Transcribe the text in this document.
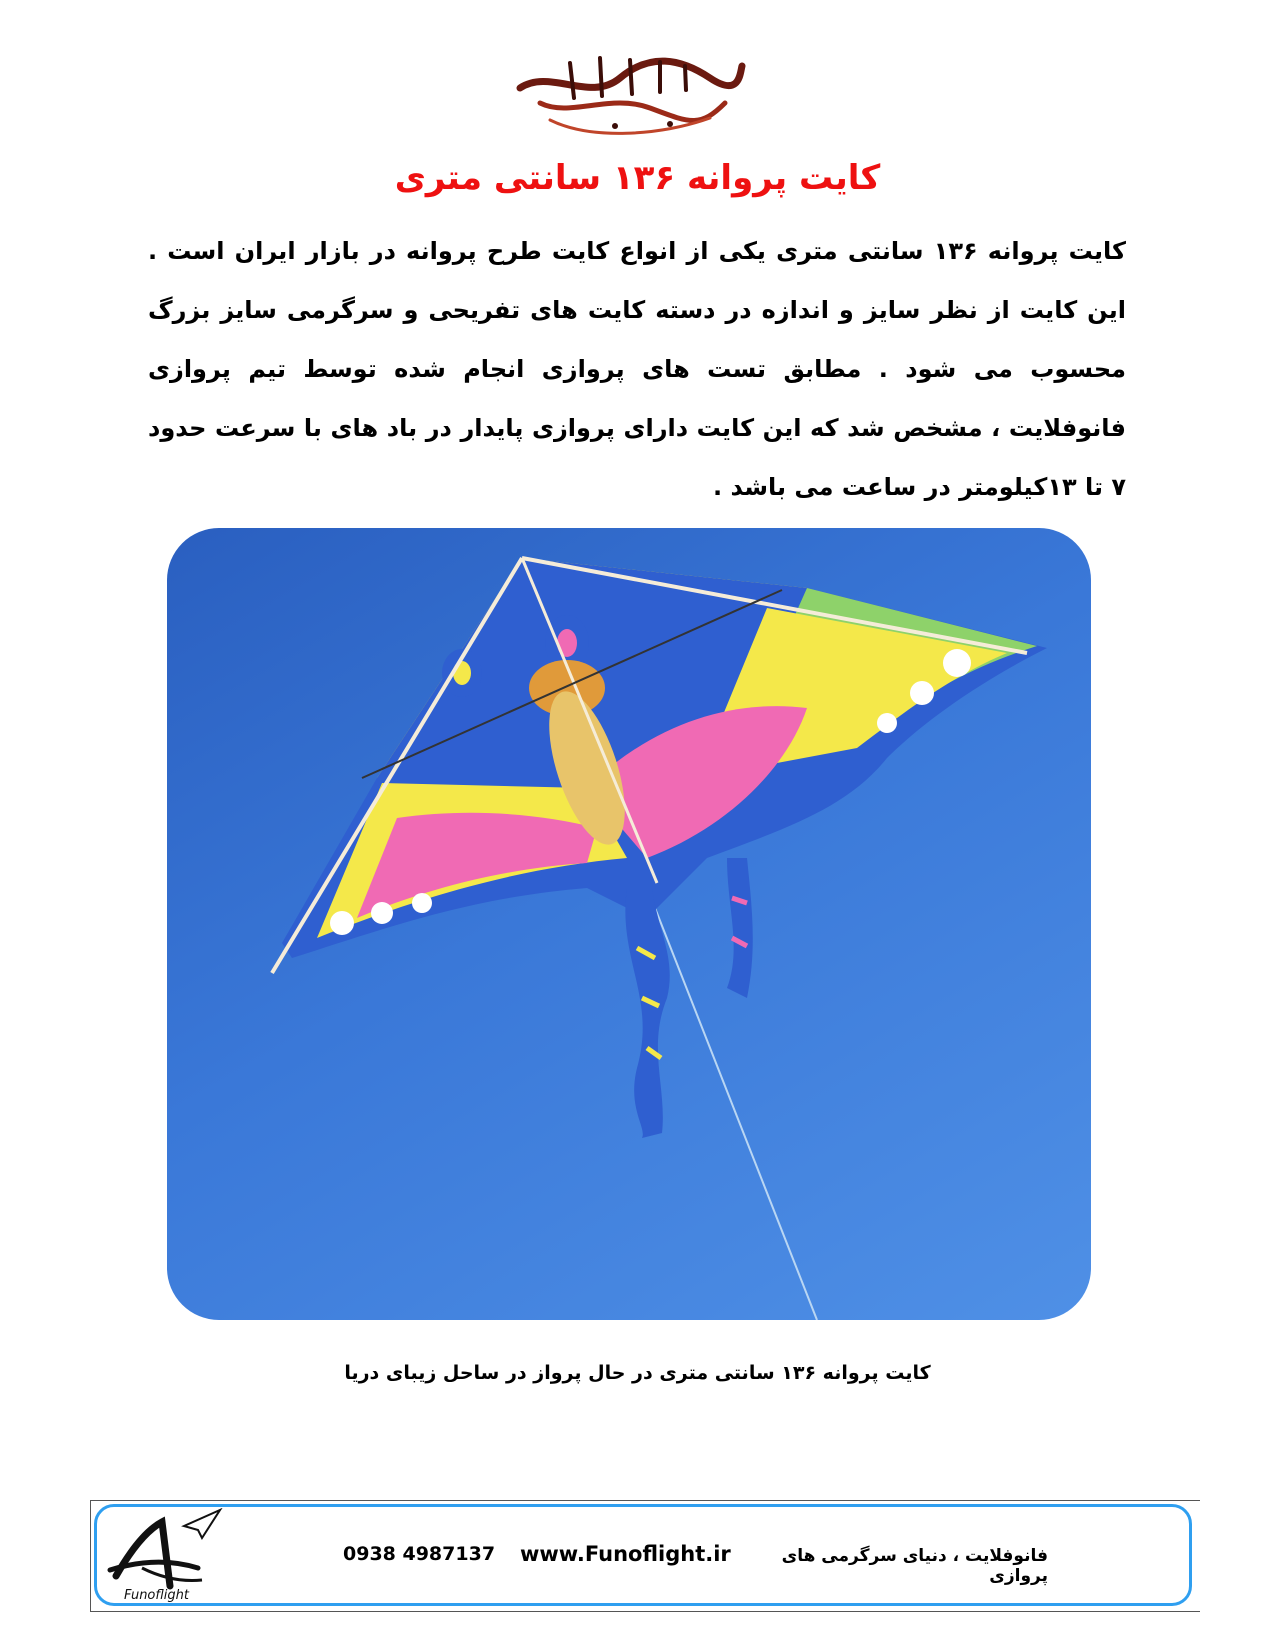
کایت پروانه ۱۳۶ سانتی متری
کایت پروانه ۱۳۶ سانتی متری یکی از انواع کایت طرح پروانه در بازار ایران است . این کایت از نظر سایز و اندازه در دسته کایت های تفریحی و سرگرمی سایز بزرگ محسوب می شود . مطابق تست های پروازی انجام شده توسط تیم پروازی فانوفلایت ، مشخص شد که این کایت دارای پروازی پایدار در باد های با سرعت حدود ۷ تا ۱۳کیلومتر در ساعت می باشد .
کایت پروانه ۱۳۶ سانتی متری در حال پرواز در ساحل زیبای دریا
Funoflight
0938 4987137 www.Funoflight.ir	فانوفلایت ، دنیای سرگرمی های پروازی
